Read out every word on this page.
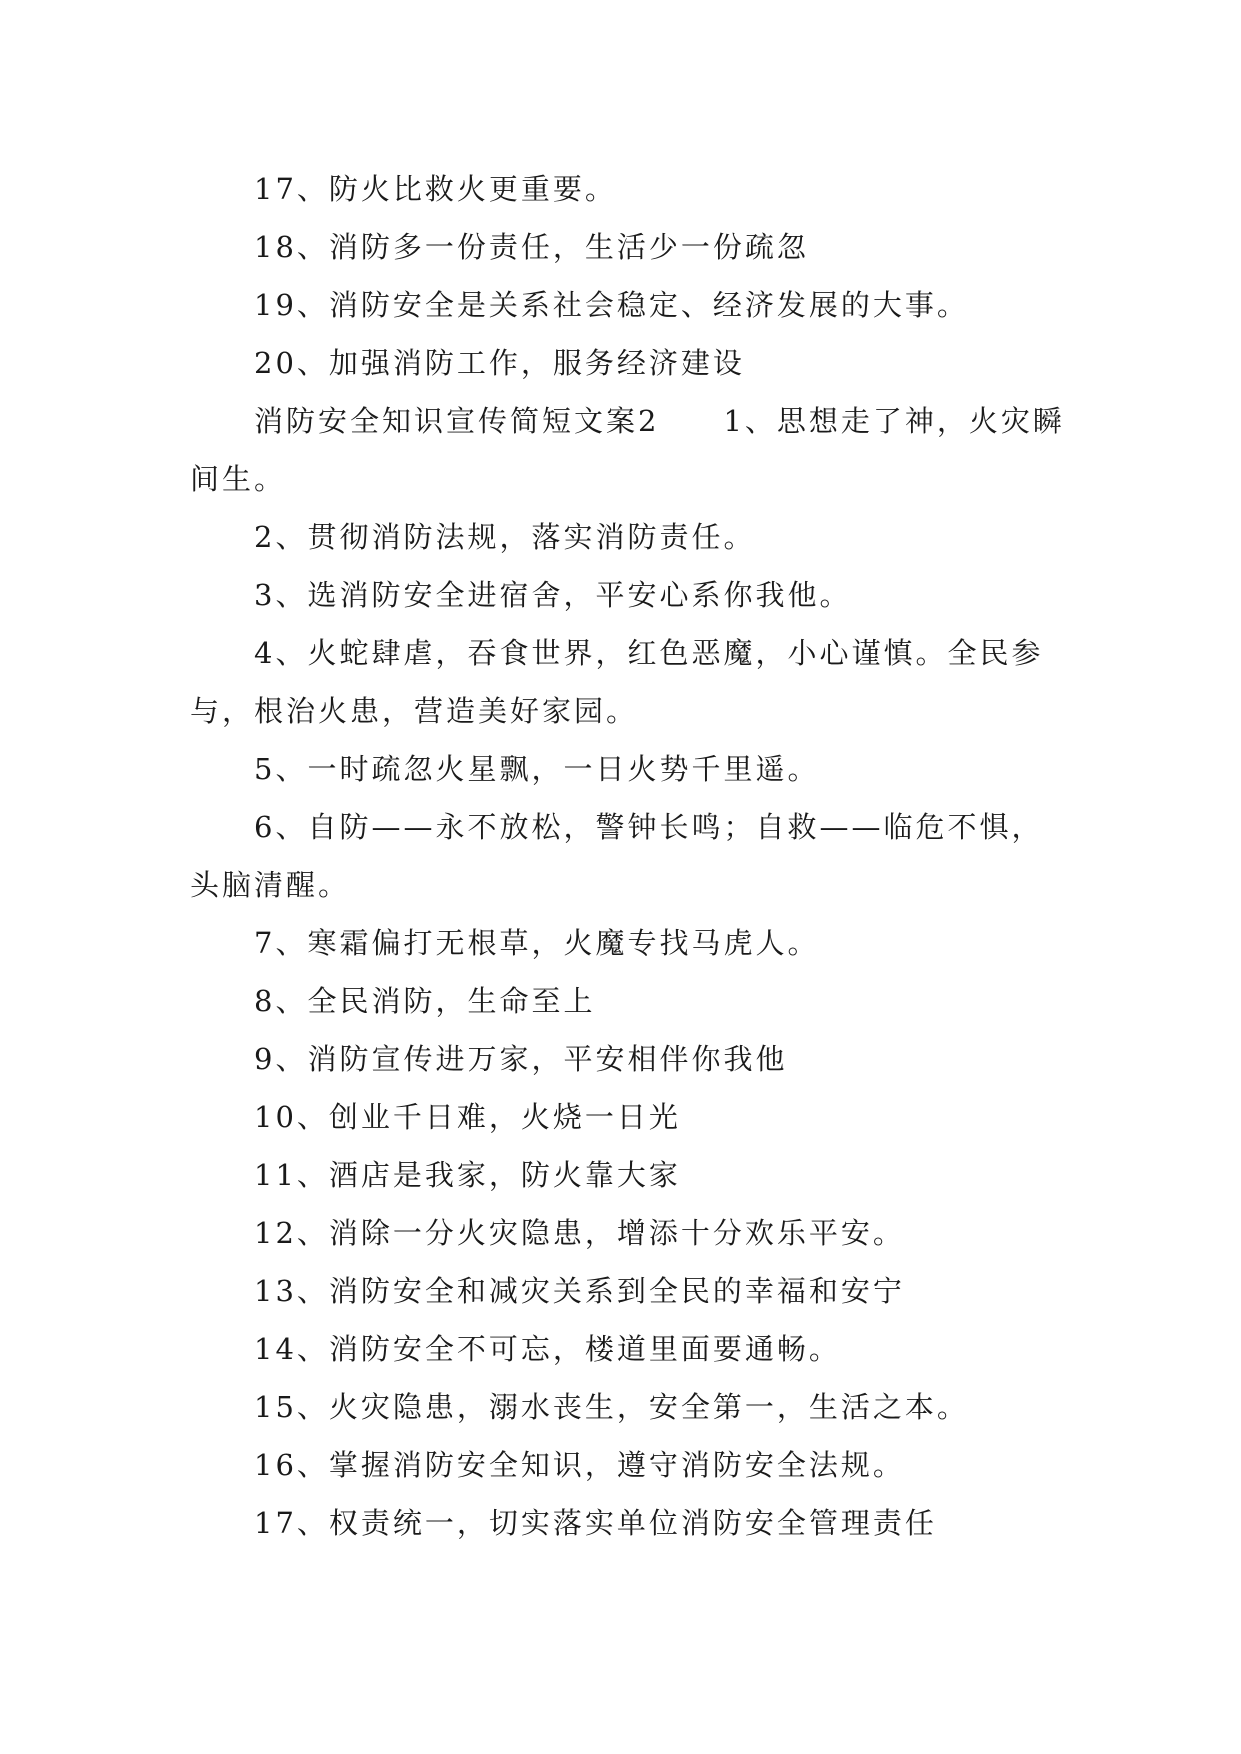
17、防火比救火更重要。

18、消防多一份责任，生活少一份疏忽

19、消防安全是关系社会稳定、经济发展的大事。

20、加强消防工作，服务经济建设

消防安全知识宣传简短文案2　　1、思想走了神，火灾瞬间生。

2、贯彻消防法规，落实消防责任。

3、选消防安全进宿舍，平安心系你我他。

4、火蛇肆虐，吞食世界，红色恶魔，小心谨慎。全民参与，根治火患，营造美好家园。

5、一时疏忽火星飘，一日火势千里遥。

6、自防——永不放松，警钟长鸣；自救——临危不惧，头脑清醒。

7、寒霜偏打无根草，火魔专找马虎人。

8、全民消防，生命至上

9、消防宣传进万家，平安相伴你我他

10、创业千日难，火烧一日光

11、酒店是我家，防火靠大家

12、消除一分火灾隐患，增添十分欢乐平安。

13、消防安全和减灾关系到全民的幸福和安宁

14、消防安全不可忘，楼道里面要通畅。

15、火灾隐患，溺水丧生，安全第一，生活之本。

16、掌握消防安全知识，遵守消防安全法规。

17、权责统一，切实落实单位消防安全管理责任
